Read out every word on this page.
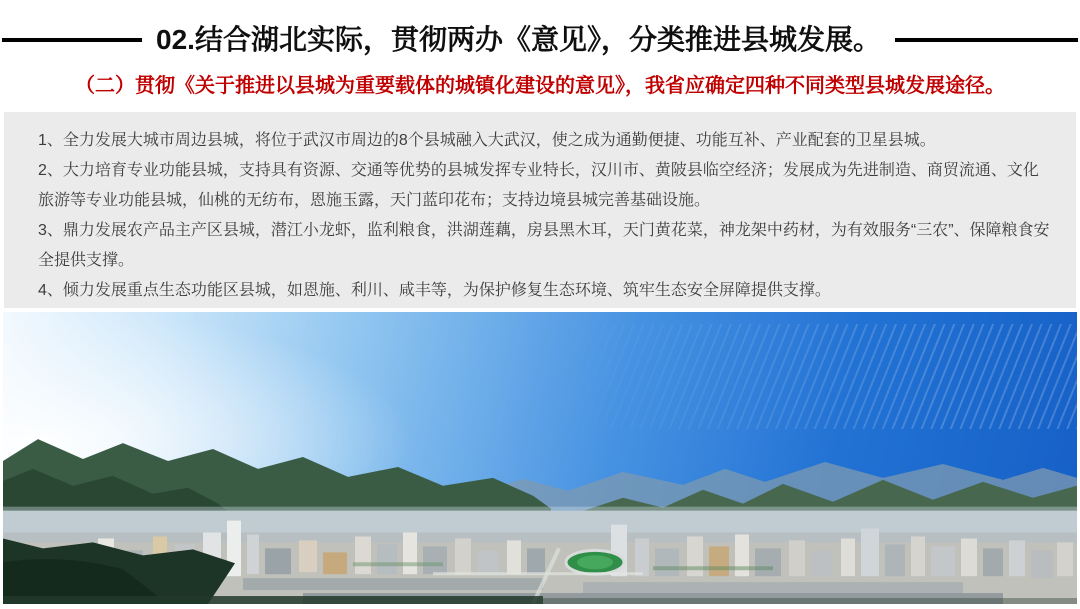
02.结合湖北实际，贯彻两办《意见》，分类推进县城发展。
（二）贯彻《关于推进以县城为重要载体的城镇化建设的意见》，我省应确定四种不同类型县城发展途径。

1、全力发展大城市周边县城，将位于武汉市周边的8个县城融入大武汉，使之成为通勤便捷、功能互补、产业配套的卫星县城。

2、大力培育专业功能县城，支持具有资源、交通等优势的县城发挥专业特长，汉川市、黄陂县临空经济；发展成为先进制造、商贸流通、文化旅游等专业功能县城，仙桃的无纺布，恩施玉露，天门蓝印花布；支持边境县城完善基础设施。

3、鼎力发展农产品主产区县城，潜江小龙虾，监利粮食，洪湖莲藕，房县黑木耳，天门黄花菜，神龙架中药材，为有效服务“三农”、保障粮食安全提供支撑。

4、倾力发展重点生态功能区县城，如恩施、利川、咸丰等，为保护修复生态环境、筑牢生态安全屏障提供支撑。
